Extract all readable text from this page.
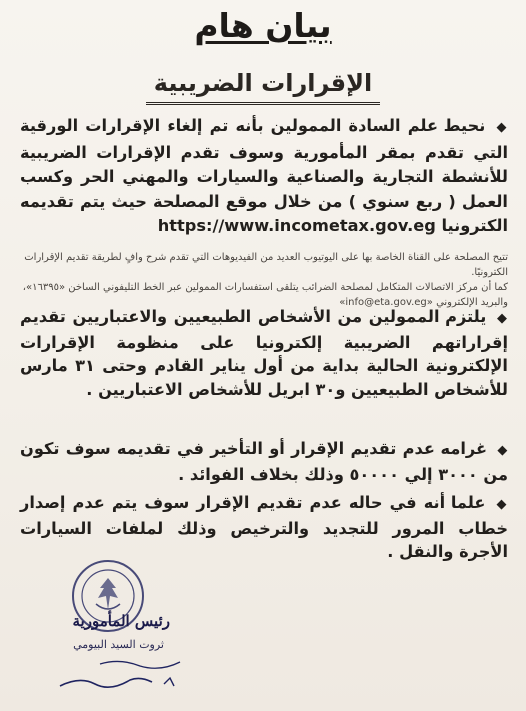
بيان هام
الإقرارات الضريبية
◆ نحيط علم السادة الممولين بأنه تم إلغاء الإقرارات الورقية التي تقدم بمقر المأمورية وسوف تقدم الإقرارات الضريبية للأنشطة التجارية والصناعية والسيارات والمهني الحر وكسب العمل ( ربع سنوي ) من خلال موقع المصلحة حيث يتم تقديمه الكترونيا https://www.incometax.gov.eg
تتيح المصلحة على القناة الخاصة بها على اليوتيوب العديد من الفيديوهات التي تقدم شرح وافٍ لطريقة تقديم الإقرارات الكترونيًا.
كما أن مركز الاتصالات المتكامل لمصلحة الضرائب يتلقى استفسارات الممولين عبر الخط التليفوني الساخن «١٦٣٩٥»، والبريد الإلكتروني «info@eta.gov.eg»
◆ يلتزم الممولين من الأشخاص الطبيعيين والاعتباريين تقديم إقراراتهم الضريبية إلكترونيا على منظومة الإقرارات الإلكترونية الحالية بداية من أول يناير القادم وحتى ٣١ مارس للأشخاص الطبيعيين و٣٠ ابريل للأشخاص الاعتباريين .
◆ غرامه عدم تقديم الإقرار أو التأخير في تقديمه سوف تكون من ٣٠٠٠ إلي ٥٠٠٠٠ وذلك بخلاف الفوائد .
◆ علما أنه في حاله عدم تقديم الإقرار سوف يتم عدم إصدار خطاب المرور للتجديد والترخيص وذلك لملفات السيارات الأجرة والنقل .
رئيس المأمورية
ثروت السيد البيومي
